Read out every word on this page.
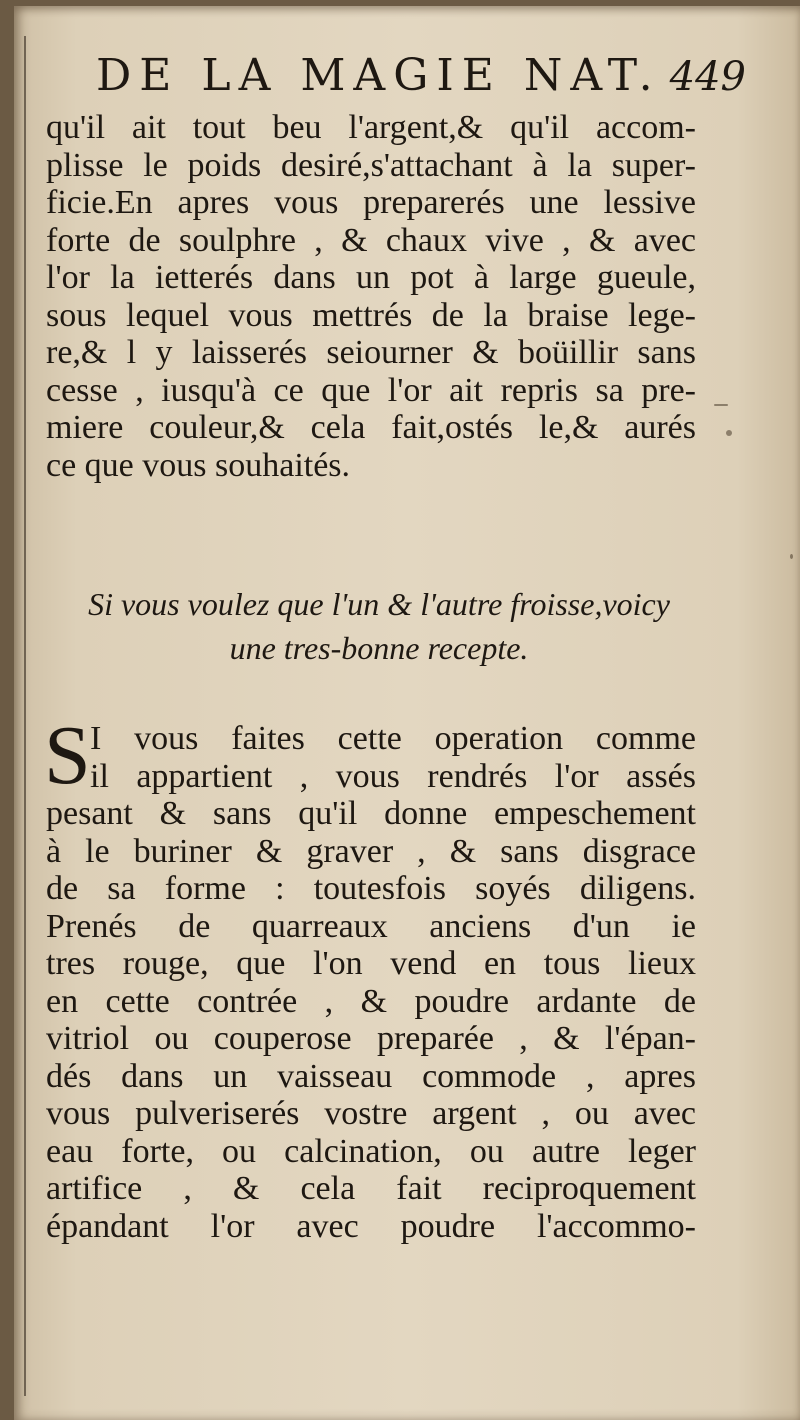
DE LA MAGIE NAT. 449
qu'il ait tout beu l'argent,& qu'il accom-
plisse le poids desiré,s'attachant à la super-
ficie.En apres vous preparerés une lessive
forte de soulphre , & chaux vive , & avec
l'or la ietterés dans un pot à large gueule,
sous lequel vous mettrés de la braise lege-
re,& l y laisserés seiourner & boüillir sans
cesse , iusqu'à ce que l'or ait repris sa pre-
miere couleur,& cela fait,ostés le,& aurés
ce que vous souhaités.
Si vous voulez que l'un & l'autre froisse,voicy
une tres-bonne recepte.
S I vous faites cette operation comme
il appartient , vous rendrés l'or assés
pesant & sans qu'il donne empeschement
à le buriner & graver , & sans disgrace
de sa forme : toutesfois soyés diligens.
Prenés de quarreaux anciens d'un ie
tres rouge, que l'on vend en tous lieux
en cette contrée , & poudre ardante de
vitriol ou couperose preparée , & l'épan-
dés dans un vaisseau commode , apres
vous pulveriserés vostre argent , ou avec
eau forte, ou calcination, ou autre leger
artifice , & cela fait reciproquement
épandant l'or avec poudre l'accommo-
